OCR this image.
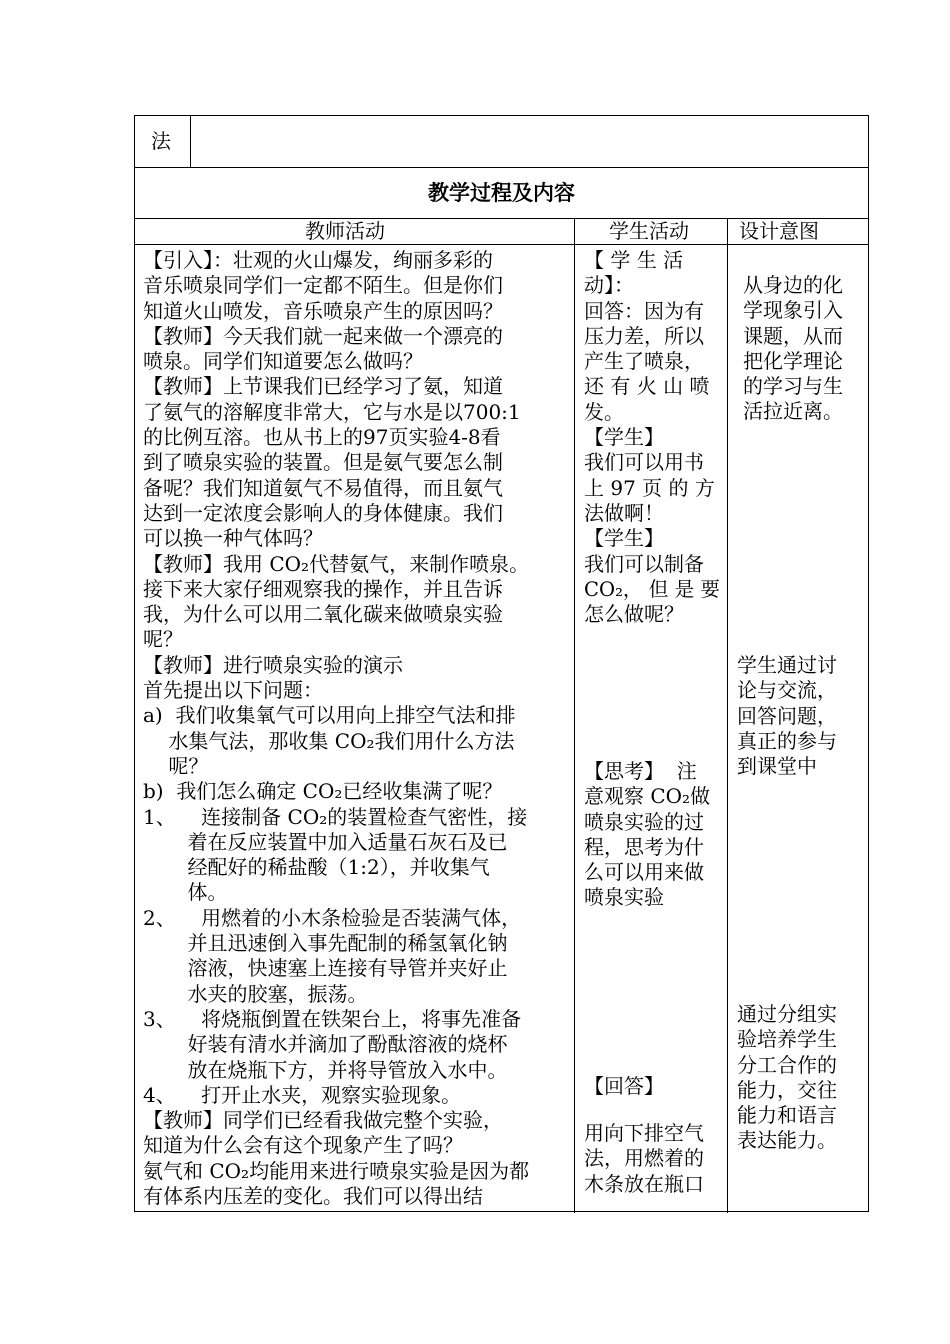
法
教学过程及内容
教师活动	学生活动	设计意图
【引入】：壮观的火山爆发，绚丽多彩的
音乐喷泉同学们一定都不陌生。但是你们
知道火山喷发，音乐喷泉产生的原因吗？
【教师】今天我们就一起来做一个漂亮的
喷泉。同学们知道要怎么做吗？
【教师】上节课我们已经学习了氨，知道
了氨气的溶解度非常大，它与水是以700:1
的比例互溶。也从书上的97页实验4-8看
到了喷泉实验的装置。但是氨气要怎么制
备呢？我们知道氨气不易值得，而且氨气
达到一定浓度会影响人的身体健康。我们
可以换一种气体吗？
【教师】我用 CO₂代替氨气，来制作喷泉。
接下来大家仔细观察我的操作，并且告诉
我，为什么可以用二氧化碳来做喷泉实验
呢？
【教师】进行喷泉实验的演示
首先提出以下问题：
a)  我们收集氧气可以用向上排空气法和排
水集气法，那收集 CO₂我们用什么方法
呢？
b)  我们怎么确定 CO₂已经收集满了呢？
1、    连接制备 CO₂的装置检查气密性，接
着在反应装置中加入适量石灰石及已
经配好的稀盐酸（1:2），并收集气
体。
2、    用燃着的小木条检验是否装满气体，
并且迅速倒入事先配制的稀氢氧化钠
溶液，快速塞上连接有导管并夹好止
水夹的胶塞，振荡。
3、    将烧瓶倒置在铁架台上，将事先准备
好装有清水并滴加了酚酞溶液的烧杯
放在烧瓶下方，并将导管放入水中。
4、    打开止水夹，观察实验现象。
【教师】同学们已经看我做完整个实验，
知道为什么会有这个现象产生了吗？
氨气和 CO₂均能用来进行喷泉实验是因为都
有体系内压差的变化。我们可以得出结
【 学 生 活
动】：
回答：因为有
压力差，所以
产生了喷泉，
还 有 火 山 喷
发。
【学生】
我们可以用书
上 97 页 的 方
法做啊！
【学生】
我们可以制备
CO₂， 但 是 要
怎么做呢？
【思考】  注
意观察 CO₂做
喷泉实验的过
程，思考为什
么可以用来做
喷泉实验
【回答】
用向下排空气
法，用燃着的
木条放在瓶口
从身边的化
学现象引入
课题，从而
把化学理论
的学习与生
活拉近离。
学生通过讨
论与交流，
回答问题，
真正的参与
到课堂中
通过分组实
验培养学生
分工合作的
能力，交往
能力和语言
表达能力。
